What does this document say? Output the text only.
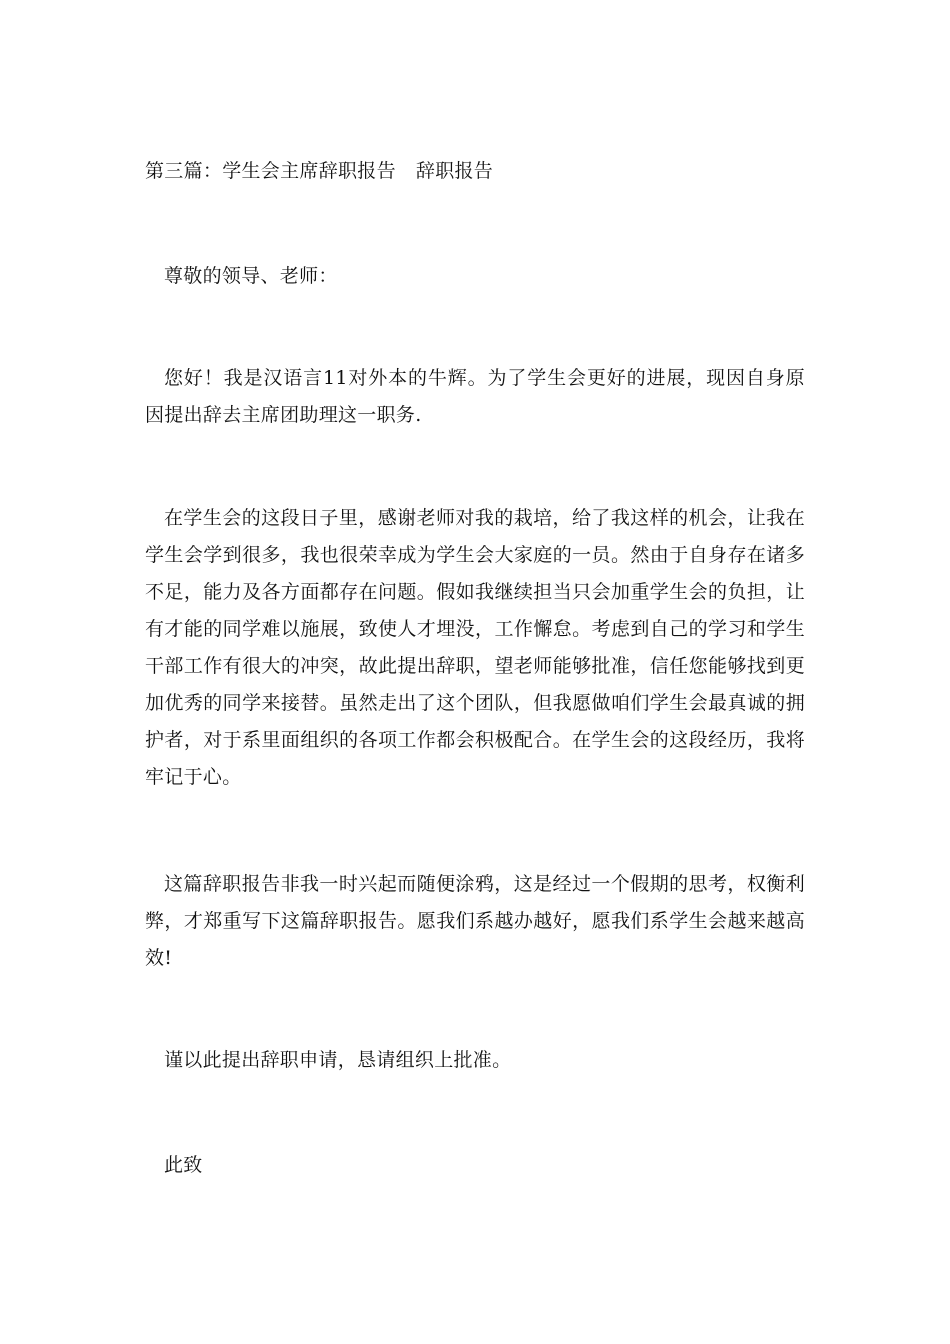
第三篇：学生会主席辞职报告 辞职报告
尊敬的领导、老师：
您好！我是汉语言11对外本的牛辉。为了学生会更好的进展，现因自身原因提出辞去主席团助理这一职务.
在学生会的这段日子里，感谢老师对我的栽培，给了我这样的机会，让我在学生会学到很多，我也很荣幸成为学生会大家庭的一员。然由于自身存在诸多不足，能力及各方面都存在问题。假如我继续担当只会加重学生会的负担，让有才能的同学难以施展，致使人才埋没，工作懈怠。考虑到自己的学习和学生干部工作有很大的冲突，故此提出辞职，望老师能够批准，信任您能够找到更加优秀的同学来接替。虽然走出了这个团队，但我愿做咱们学生会最真诚的拥护者，对于系里面组织的各项工作都会积极配合。在学生会的这段经历，我将牢记于心。
这篇辞职报告非我一时兴起而随便涂鸦，这是经过一个假期的思考，权衡利弊，才郑重写下这篇辞职报告。愿我们系越办越好，愿我们系学生会越来越高效!
谨以此提出辞职申请，恳请组织上批准。
此致
